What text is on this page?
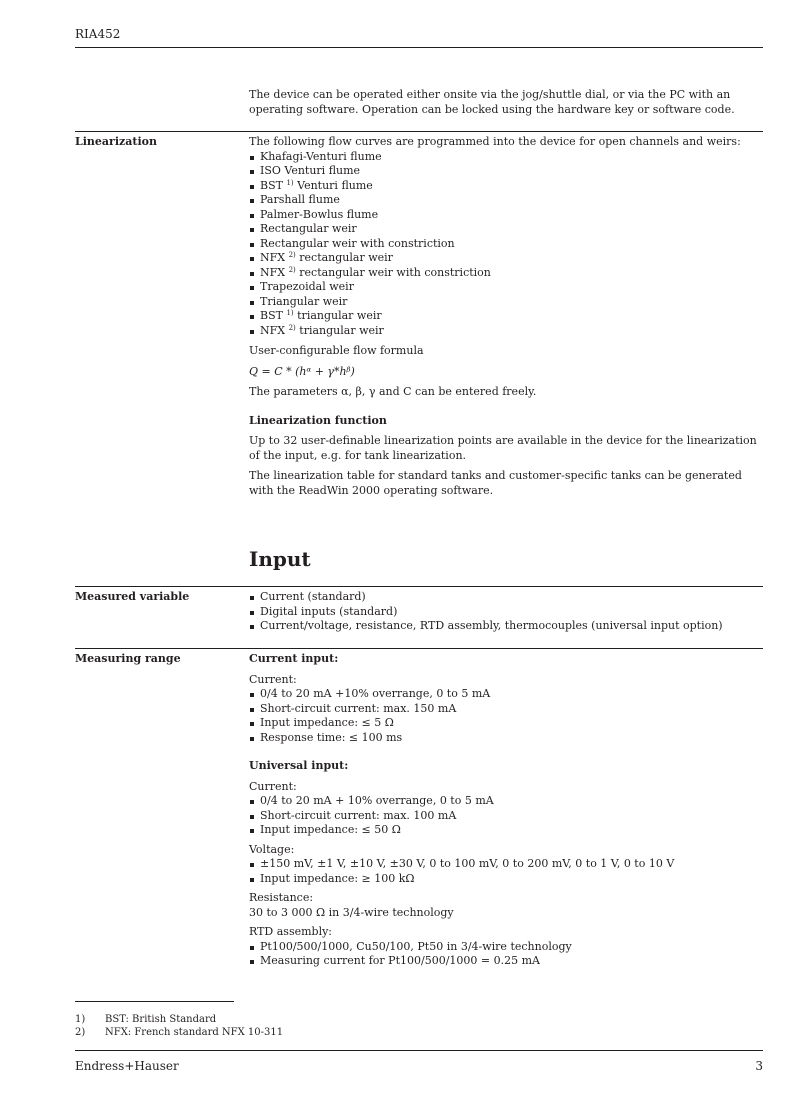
RIA452
The device can be operated either onsite via the jog/shuttle dial, or via the PC with an operating software. Operation can be locked using the hardware key or software code.
Linearization	The following flow curves are programmed into the device for open channels and weirs:
Khafagi-Venturi flume
ISO Venturi flume
BST $^{1)}$ Venturi flume
Parshall flume
Palmer-Bowlus flume
Rectangular weir
Rectangular weir with constriction
NFX $^{2)}$ rectangular weir
NFX $^{2)}$ rectangular weir with constriction
Trapezoidal weir
Triangular weir
BST $^{1)}$ triangular weir
NFX $^{2)}$ triangular weir
User-configurable flow formula
Q = C * (hᵅ + γ*hᵝ)
The parameters α, β, γ and C can be entered freely.
Linearization function
Up to 32 user-definable linearization points are available in the device for the linearization of the input, e.g. for tank linearization.
The linearization table for standard tanks and customer-specific tanks can be generated with the ReadWin 2000 operating software.
Input
Measured variable	Current (standard)
Digital inputs (standard)
Current/voltage, resistance, RTD assembly, thermocouples (universal input option)
Measuring range	Current input:
Current:
0/4 to 20 mA +10% overrange, 0 to 5 mA
Short-circuit current: max. 150 mA
Input impedance: ≤ 5 Ω
Response time: ≤ 100 ms
Universal input:
Current:
0/4 to 20 mA + 10% overrange, 0 to 5 mA
Short-circuit current: max. 100 mA
Input impedance: ≤ 50 Ω
Voltage:
±150 mV, ±1 V, ±10 V, ±30 V, 0 to 100 mV, 0 to 200 mV, 0 to 1 V, 0 to 10 V
Input impedance: ≥ 100 kΩ
Resistance:
30 to 3 000 Ω in 3/4-wire technology
RTD assembly:
Pt100/500/1000, Cu50/100, Pt50 in 3/4-wire technology
Measuring current for Pt100/500/1000 = 0.25 mA
1) BST: British Standard
2) NFX: French standard NFX 10-311
Endress+Hauser	3
